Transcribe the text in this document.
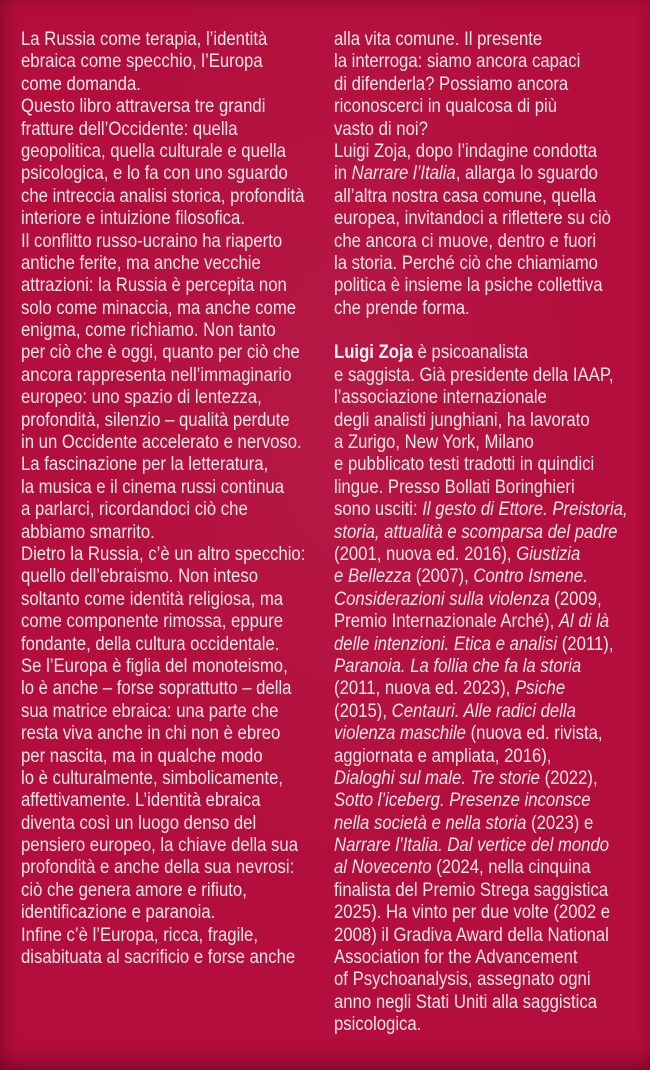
La Russia come terapia, l’identità
ebraica come specchio, l’Europa
come domanda.
Questo libro attraversa tre grandi
fratture dell’Occidente: quella
geopolitica, quella culturale e quella
psicologica, e lo fa con uno sguardo
che intreccia analisi storica, profondità
interiore e intuizione filosofica.
Il conflitto russo-ucraino ha riaperto
antiche ferite, ma anche vecchie
attrazioni: la Russia è percepita non
solo come minaccia, ma anche come
enigma, come richiamo. Non tanto
per ciò che è oggi, quanto per ciò che
ancora rappresenta nell’immaginario
europeo: uno spazio di lentezza,
profondità, silenzio – qualità perdute
in un Occidente accelerato e nervoso.
La fascinazione per la letteratura,
la musica e il cinema russi continua
a parlarci, ricordandoci ciò che
abbiamo smarrito.
Dietro la Russia, c’è un altro specchio:
quello dell’ebraismo. Non inteso
soltanto come identità religiosa, ma
come componente rimossa, eppure
fondante, della cultura occidentale.
Se l’Europa è figlia del monoteismo,
lo è anche – forse soprattutto – della
sua matrice ebraica: una parte che
resta viva anche in chi non è ebreo
per nascita, ma in qualche modo
lo è culturalmente, simbolicamente,
affettivamente. L’identità ebraica
diventa così un luogo denso del
pensiero europeo, la chiave della sua
profondità e anche della sua nevrosi:
ciò che genera amore e rifiuto,
identificazione e paranoia.
Infine c’è l’Europa, ricca, fragile,
disabituata al sacrificio e forse anche
alla vita comune. Il presente
la interroga: siamo ancora capaci
di difenderla? Possiamo ancora
riconoscerci in qualcosa di più
vasto di noi?
Luigi Zoja, dopo l’indagine condotta
in Narrare l’Italia, allarga lo sguardo
all’altra nostra casa comune, quella
europea, invitandoci a riflettere su ciò
che ancora ci muove, dentro e fuori
la storia. Perché ciò che chiamiamo
politica è insieme la psiche collettiva
che prende forma.
Luigi Zoja è psicoanalista
e saggista. Già presidente della IAAP,
l’associazione internazionale
degli analisti junghiani, ha lavorato
a Zurigo, New York, Milano
e pubblicato testi tradotti in quindici
lingue. Presso Bollati Boringhieri
sono usciti: Il gesto di Ettore. Preistoria,
storia, attualità e scomparsa del padre
(2001, nuova ed. 2016), Giustizia
e Bellezza (2007), Contro Ismene.
Considerazioni sulla violenza (2009,
Premio Internazionale Arché), Al di là
delle intenzioni. Etica e analisi (2011),
Paranoia. La follia che fa la storia
(2011, nuova ed. 2023), Psiche
(2015), Centauri. Alle radici della
violenza maschile (nuova ed. rivista,
aggiornata e ampliata, 2016),
Dialoghi sul male. Tre storie (2022),
Sotto l’iceberg. Presenze inconsce
nella società e nella storia (2023) e
Narrare l’Italia. Dal vertice del mondo
al Novecento (2024, nella cinquina
finalista del Premio Strega saggistica
2025). Ha vinto per due volte (2002 e
2008) il Gradiva Award della National
Association for the Advancement
of Psychoanalysis, assegnato ogni
anno negli Stati Uniti alla saggistica
psicologica.
